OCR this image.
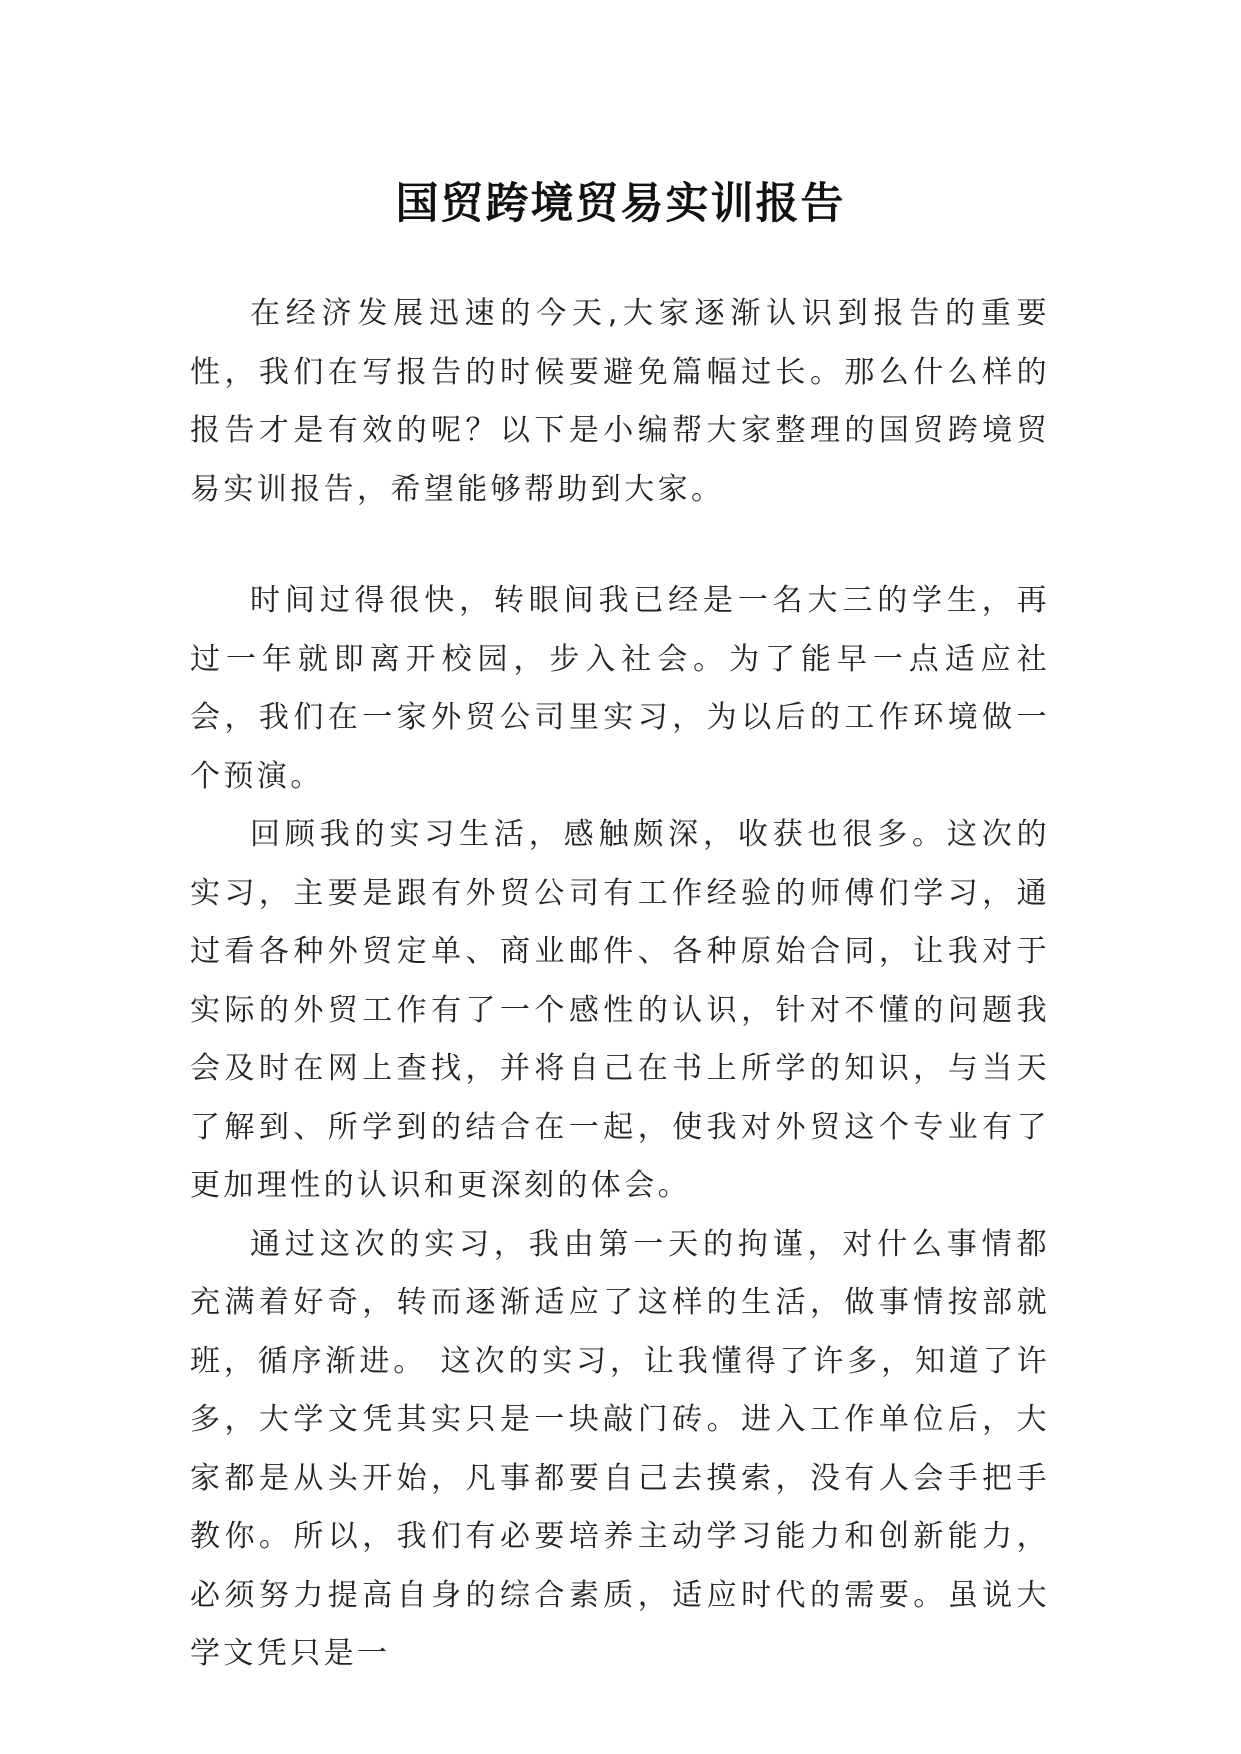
国贸跨境贸易实训报告

在经济发展迅速的今天,大家逐渐认识到报告的重要性，我们在写报告的时候要避免篇幅过长。那么什么样的报告才是有效的呢？以下是小编帮大家整理的国贸跨境贸易实训报告，希望能够帮助到大家。

时间过得很快，转眼间我已经是一名大三的学生，再过一年就即离开校园，步入社会。为了能早一点适应社会，我们在一家外贸公司里实习，为以后的工作环境做一个预演。

回顾我的实习生活，感触颇深，收获也很多。这次的实习，主要是跟有外贸公司有工作经验的师傅们学习，通过看各种外贸定单、商业邮件、各种原始合同，让我对于实际的外贸工作有了一个感性的认识，针对不懂的问题我会及时在网上查找，并将自己在书上所学的知识，与当天了解到、所学到的结合在一起，使我对外贸这个专业有了更加理性的认识和更深刻的体会。

通过这次的实习，我由第一天的拘谨，对什么事情都充满着好奇，转而逐渐适应了这样的生活，做事情按部就班，循序渐进。 这次的实习，让我懂得了许多，知道了许多，大学文凭其实只是一块敲门砖。进入工作单位后，大家都是从头开始，凡事都要自己去摸索，没有人会手把手教你。所以，我们有必要培养主动学习能力和创新能力，必须努力提高自身的综合素质，适应时代的需要。虽说大学文凭只是一
